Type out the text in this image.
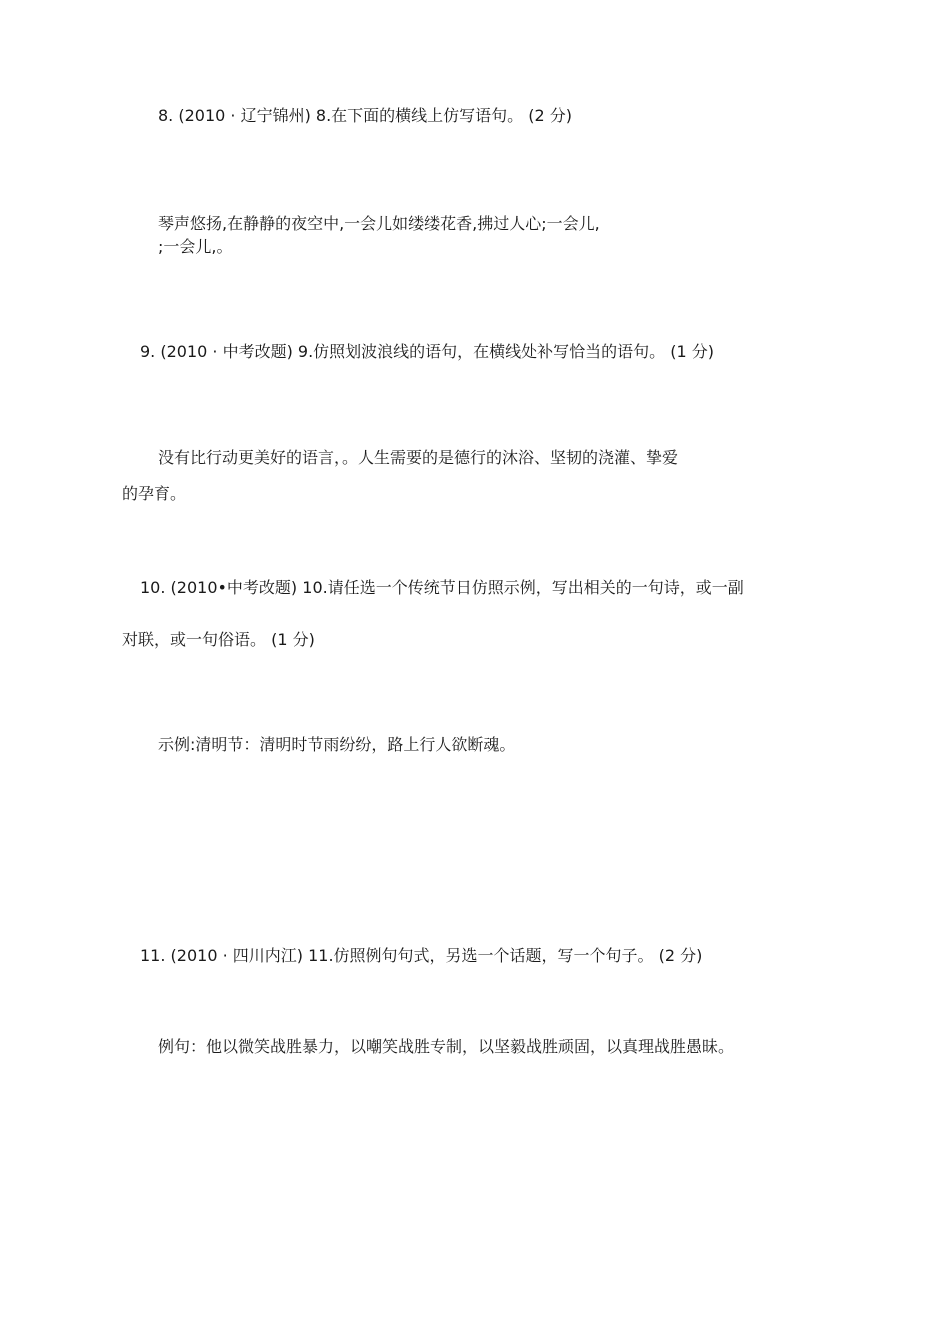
8. (2010 · 辽宁锦州) 8.在下面的横线上仿写语句。 (2 分)
琴声悠扬,在静静的夜空中,一会儿如缕缕花香,拂过人心;一会儿,
;一会儿,。
9. (2010 · 中考改题) 9.仿照划波浪线的语句，在横线处补写恰当的语句。 (1 分)
没有比行动更美好的语言，。人生需要的是德行的沐浴、坚韧的浇灌、挚爱
的孕育。
10. (2010•中考改题) 10.请任选一个传统节日仿照示例，写出相关的一句诗，或一副
对联，或一句俗语。 (1 分)
示例:清明节：清明时节雨纷纷，路上行人欲断魂。
11. (2010 · 四川内江) 11.仿照例句句式，另选一个话题，写一个句子。 (2 分)
例句：他以微笑战胜暴力，以嘲笑战胜专制，以坚毅战胜顽固，以真理战胜愚昧。
